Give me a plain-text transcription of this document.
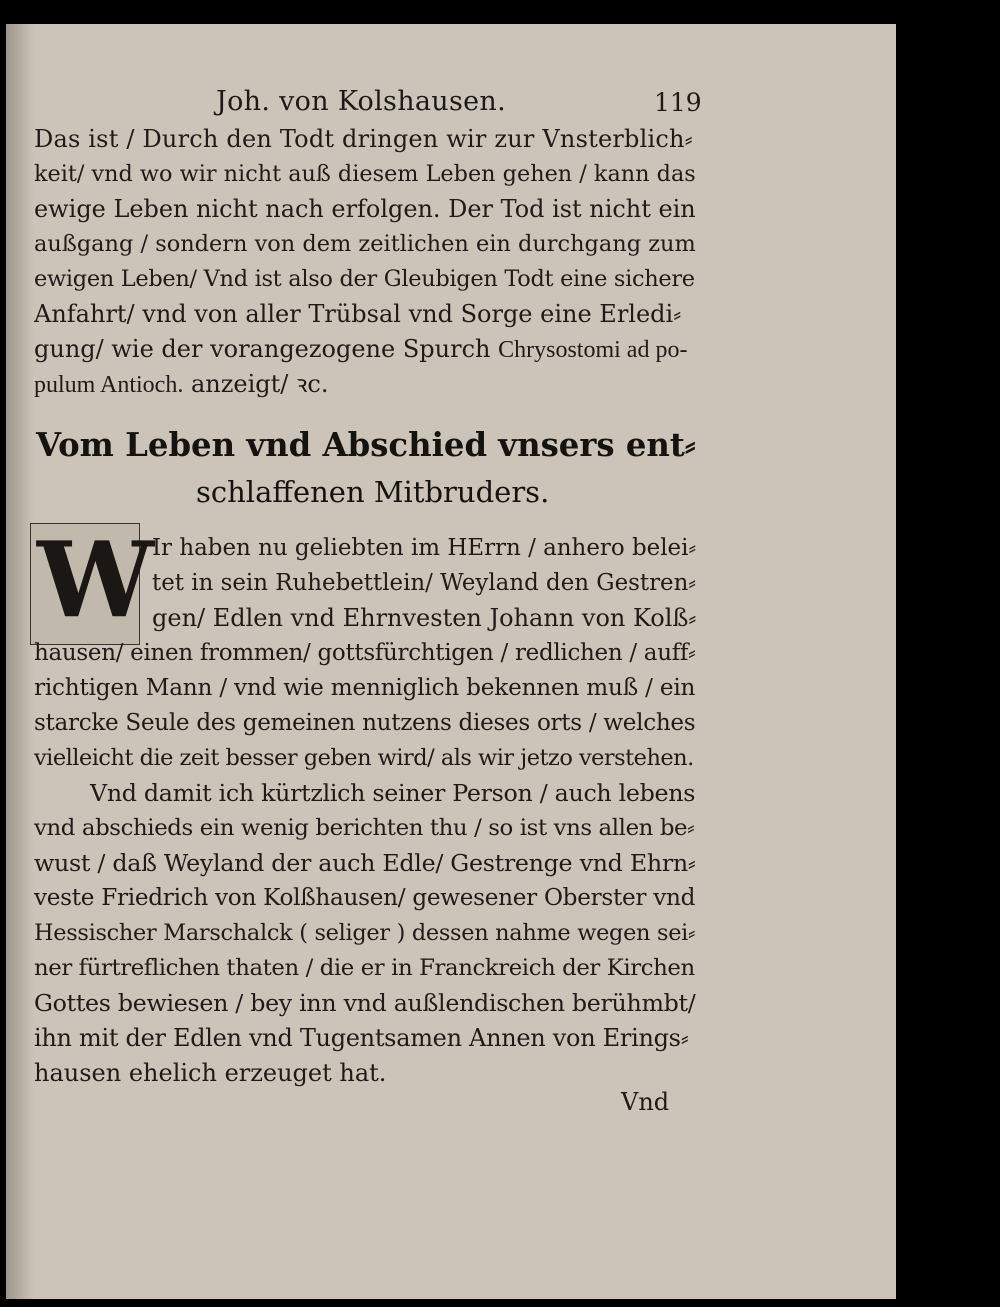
Joh. von Kolshausen.	119
Das ist / Durch den Todt dringen wir zur Vnsterblich⸗
keit/ vnd wo wir nicht auß diesem Leben gehen / kann das
ewige Leben nicht nach erfolgen. Der Tod ist nicht ein
außgang / sondern von dem zeitlichen ein durchgang zum
ewigen Leben/ Vnd ist also der Gleubigen Todt eine sichere
Anfahrt/ vnd von aller Trübsal vnd Sorge eine Erledi⸗
gung/ wie der vorangezogene Spurch Chrysostomi ad po-
pulum Antioch. anzeigt/ ꝛc.
Vom Leben vnd Abschied vnsers ent⸗
schlaffenen Mitbruders.
W
Ir haben nu geliebten im HErrn / anhero belei⸗
tet in sein Ruhebettlein/ Weyland den Gestren⸗
gen/ Edlen vnd Ehrnvesten Johann von Kolß⸗
hausen/ einen frommen/ gottsfürchtigen / redlichen / auff⸗
richtigen Mann / vnd wie menniglich bekennen muß / ein
starcke Seule des gemeinen nutzens dieses orts / welches
vielleicht die zeit besser geben wird/ als wir jetzo verstehen.
Vnd damit ich kürtzlich seiner Person / auch lebens
vnd abschieds ein wenig berichten thu / so ist vns allen be⸗
wust / daß Weyland der auch Edle/ Gestrenge vnd Ehrn⸗
veste Friedrich von Kolßhausen/ gewesener Oberster vnd
Hessischer Marschalck ( seliger ) dessen nahme wegen sei⸗
ner fürtreflichen thaten / die er in Franckreich der Kirchen
Gottes bewiesen / bey inn vnd außlendischen berühmbt/
ihn mit der Edlen vnd Tugentsamen Annen von Erings⸗
hausen ehelich erzeuget hat.
Vnd
